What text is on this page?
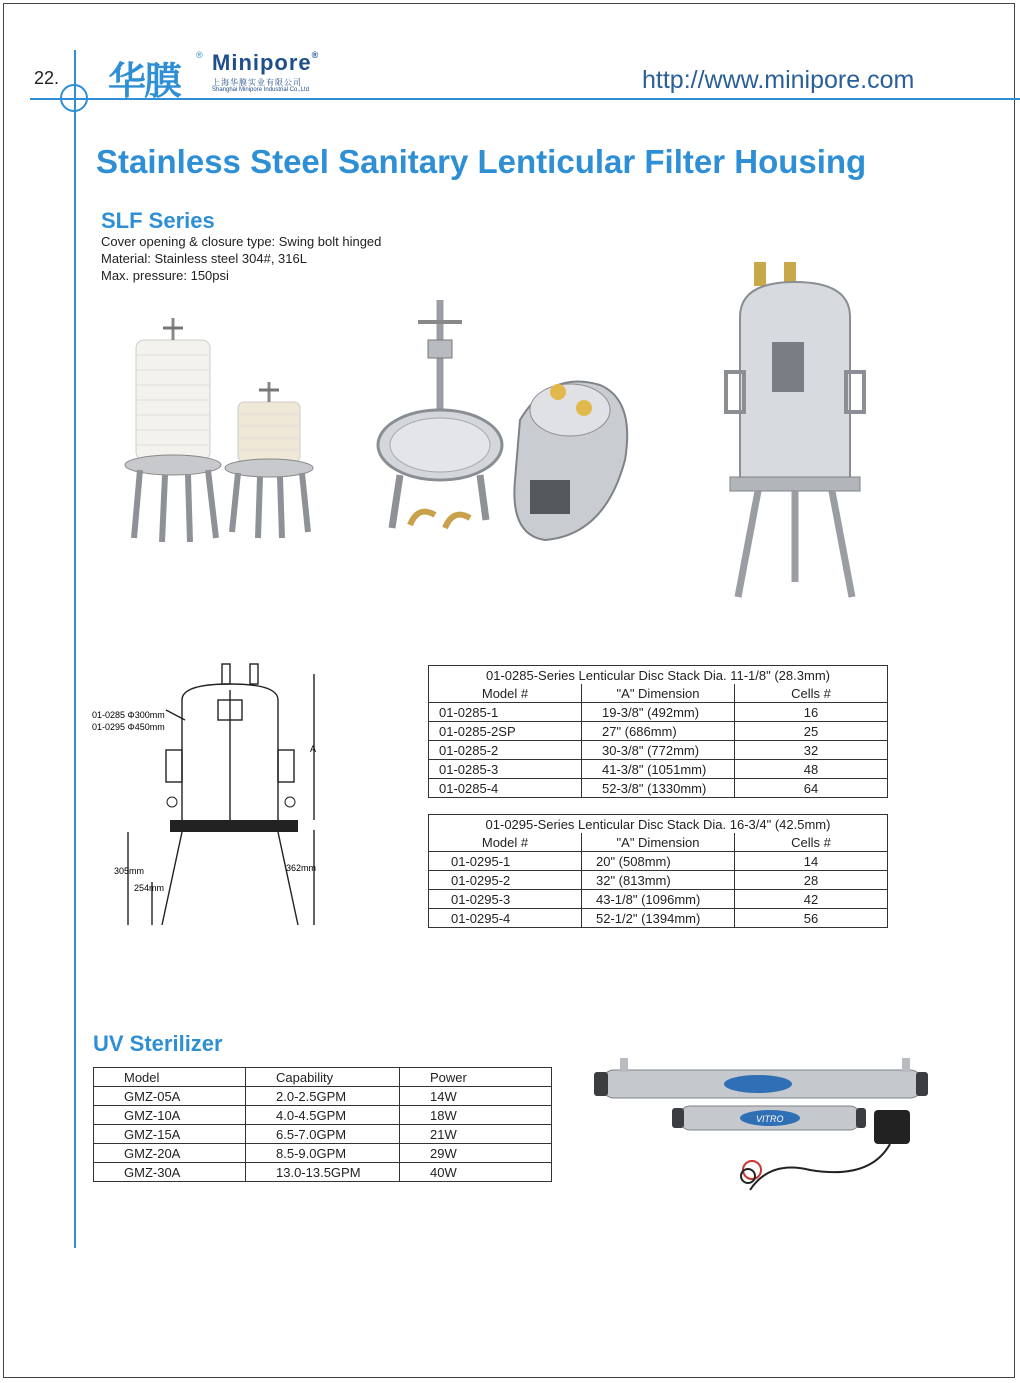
22. 华膜
® Minipore®
上海华膜实业有限公司
Shanghai Minipore Industrial Co.,Ltd	http://www.minipore.com
Stainless Steel Sanitary Lenticular Filter Housing
SLF Series
Cover opening & closure type: Swing bolt hinged
Material: Stainless steel 304#, 316L
Max. pressure: 150psi
01-0285 Φ300mm
01-0295 Φ450mm
A
305mm
254mm
362mm
01-0285-Series Lenticular Disc Stack Dia. 11-1/8" (28.3mm)		
Model #	"A" Dimension	Cells #
01-0285-1	19-3/8" (492mm)	16
01-0285-2SP	27" (686mm)	25
01-0285-2	30-3/8" (772mm)	32
01-0285-3	41-3/8" (1051mm)	48
01-0285-4	52-3/8" (1330mm)	64
01-0295-Series Lenticular Disc Stack Dia. 16-3/4" (42.5mm)		
Model #	"A" Dimension	Cells #
01-0295-1	20" (508mm)	14
01-0295-2	32" (813mm)	28
01-0295-3	43-1/8" (1096mm)	42
01-0295-4	52-1/2" (1394mm)	56
UV Sterilizer
Model	Capability	Power
GMZ-05A	2.0-2.5GPM	14W
GMZ-10A	4.0-4.5GPM	18W
GMZ-15A	6.5-7.0GPM	21W
GMZ-20A	8.5-9.0GPM	29W
GMZ-30A	13.0-13.5GPM	40W
VITRO
